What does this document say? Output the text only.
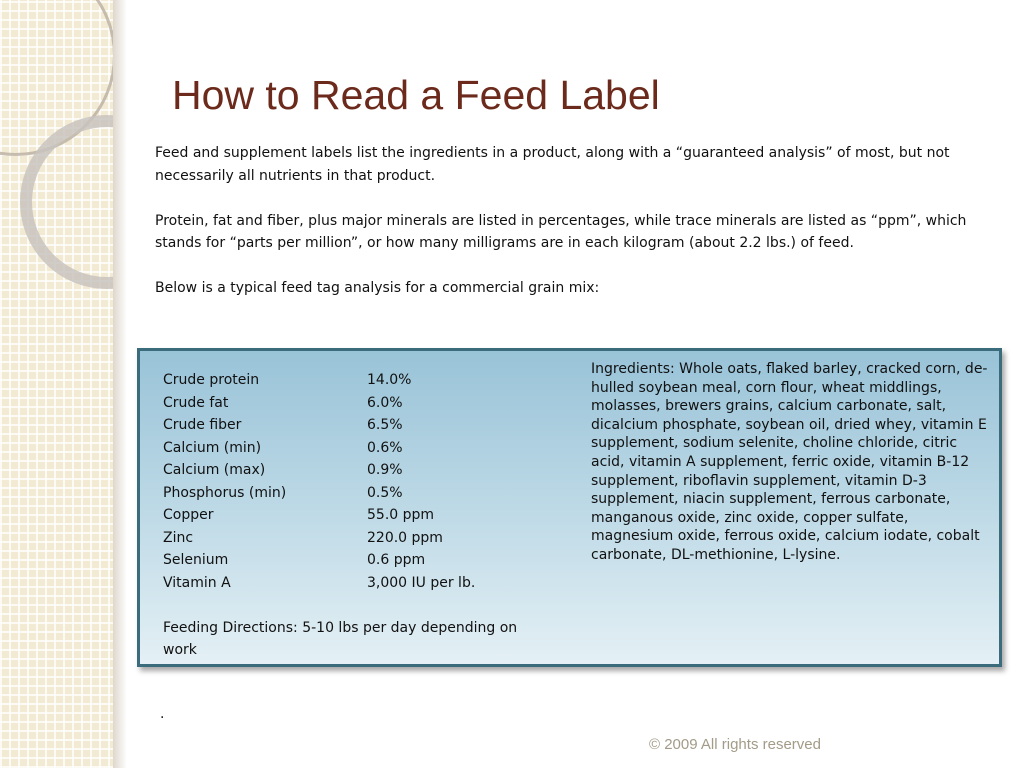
How to Read a Feed Label

Feed and supplement labels list the ingredients in a product, along with a “guaranteed analysis” of most, but not necessarily all nutrients in that product.

Protein, fat and fiber, plus major minerals are listed in percentages, while trace minerals are listed as “ppm”, which stands for “parts per million”, or how many milligrams are in each kilogram (about 2.2 lbs.) of feed.

Below is a typical feed tag analysis for a commercial grain mix:

Crude protein	14.0%
Crude fat	6.0%
Crude fiber	6.5%
Calcium (min)	0.6%
Calcium (max)	0.9%
Phosphorus (min)	0.5%
Copper	55.0 ppm
Zinc	220.0 ppm
Selenium	0.6 ppm
Vitamin A	3,000 IU per lb.
Feeding Directions: 5-10 lbs per day depending on work
Ingredients: Whole oats, flaked barley, cracked corn, de-hulled soybean meal, corn flour, wheat middlings, molasses, brewers grains, calcium carbonate, salt, dicalcium phosphate, soybean oil, dried whey, vitamin E supplement, sodium selenite, choline chloride, citric acid, vitamin A supplement, ferric oxide, vitamin B-12 supplement, riboflavin supplement, vitamin D-3 supplement, niacin supplement, ferrous carbonate, manganous oxide, zinc oxide, copper sulfate, magnesium oxide, ferrous oxide, calcium iodate, cobalt carbonate, DL-methionine, L-lysine.
.
© 2009 All rights reserved
